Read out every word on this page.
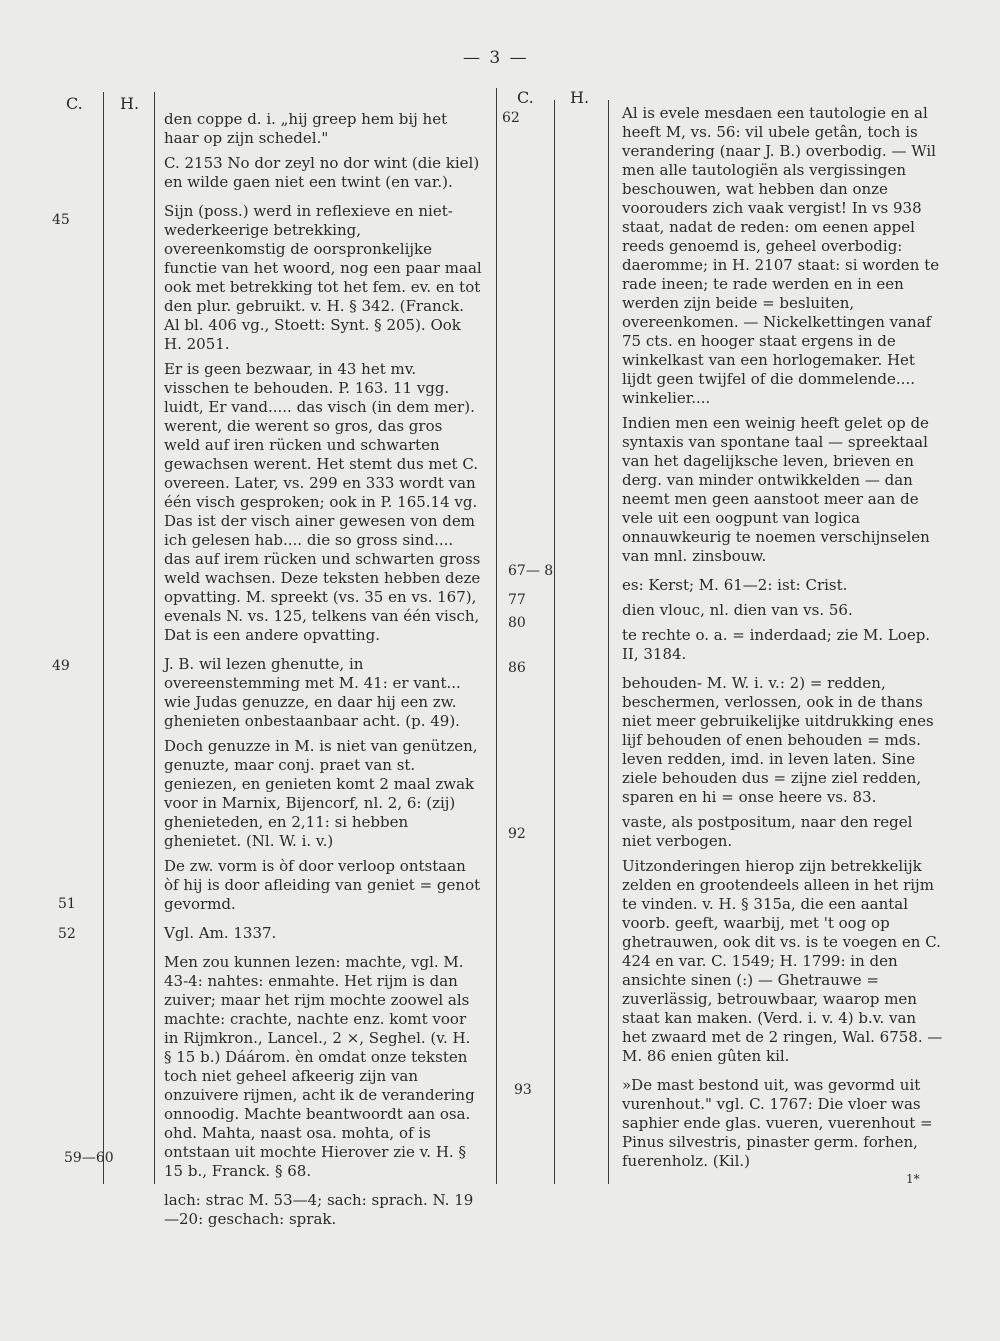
— 3 —
C. H.
45
49
51
52
59—60

den coppe d. i. „hij greep hem bij het haar op zijn schedel."

C. 2153 No dor zeyl no dor wint (die kiel) en wilde gaen niet een twint (en var.).

Sijn (poss.) werd in reflexieve en niet-wederkeerige betrekking, overeenkomstig de oorspronkelijke functie van het woord, nog een paar maal ook met betrekking tot het fem. ev. en tot den plur. gebruikt. v. H. § 342. (Franck. Al bl. 406 vg., Stoett: Synt. § 205). Ook H. 2051.

Er is geen bezwaar, in 43 het mv. visschen te behouden. P. 163. 11 vgg. luidt, Er vand..... das visch (in dem mer). werent, die werent so gros, das gros weld auf iren rücken und schwarten gewachsen werent. Het stemt dus met C. overeen. Later, vs. 299 en 333 wordt van één visch gesproken; ook in P. 165.14 vg. Das ist der visch ainer gewesen von dem ich gelesen hab.... die so gross sind.... das auf irem rücken und schwarten gross weld wachsen. Deze teksten hebben deze opvatting. M. spreekt (vs. 35 en vs. 167), evenals N. vs. 125, telkens van één visch, Dat is een andere opvatting.

J. B. wil lezen ghenutte, in overeenstemming met M. 41: er vant... wie Judas genuzze, en daar hij een zw. ghenieten onbestaanbaar acht. (p. 49).

Doch genuzze in M. is niet van genützen, genuzte, maar conj. praet van st. geniezen, en genieten komt 2 maal zwak voor in Marnix, Bijencorf, nl. 2, 6: (zij) ghenieteden, en 2,11: si hebben ghenietet. (Nl. W. i. v.)

De zw. vorm is òf door verloop ontstaan òf hij is door afleiding van geniet = genot gevormd.

Vgl. Am. 1337.

Men zou kunnen lezen: machte, vgl. M. 43-4: nahtes: enmahte. Het rijm is dan zuiver; maar het rijm mochte zoowel als machte: crachte, nachte enz. komt voor in Rijmkron., Lancel., 2 ×, Seghel. (v. H. § 15 b.) Dáárom. èn omdat onze teksten toch niet geheel afkeerig zijn van onzuivere rijmen, acht ik de verandering onnoodig. Machte beantwoordt aan osa. ohd. Mahta, naast osa. mohta, of is ontstaan uit mochte Hierover zie v. H. § 15 b., Franck. § 68.

lach: strac M. 53—4; sach: sprach. N. 19—20: geschach: sprak.

C. H.
62
67— 8
77
80
86
92
93

Al is evele mesdaen een tautologie en al heeft M, vs. 56: vil ubele getân, toch is verandering (naar J. B.) overbodig. — Wil men alle tautologiën als vergissingen beschouwen, wat hebben dan onze voorouders zich vaak vergist! In vs 938 staat, nadat de reden: om eenen appel reeds genoemd is, geheel overbodig: daeromme; in H. 2107 staat: si worden te rade ineen; te rade werden en in een werden zijn beide = besluiten, overeenkomen. — Nickelkettingen vanaf 75 cts. en hooger staat ergens in de winkelkast van een horlogemaker. Het lijdt geen twijfel of die dommelende.... winkelier....

Indien men een weinig heeft gelet op de syntaxis van spontane taal — spreektaal van het dagelijksche leven, brieven en derg. van minder ontwikkelden — dan neemt men geen aanstoot meer aan de vele uit een oogpunt van logica onnauwkeurig te noemen verschijnselen van mnl. zinsbouw.

es: Kerst; M. 61—2: ist: Crist.

dien vlouc, nl. dien van vs. 56.

te rechte o. a. = inderdaad; zie M. Loep. II, 3184.

behouden- M. W. i. v.: 2) = redden, beschermen, verlossen, ook in de thans niet meer gebruikelijke uitdrukking enes lijf behouden of enen behouden = mds. leven redden, imd. in leven laten. Sine ziele behouden dus = zijne ziel redden, sparen en hi = onse heere vs. 83.

vaste, als postpositum, naar den regel niet verbogen.

Uitzonderingen hierop zijn betrekkelijk zelden en grootendeels alleen in het rijm te vinden. v. H. § 315a, die een aantal voorb. geeft, waarbij, met 't oog op ghetrauwen, ook dit vs. is te voegen en C. 424 en var. C. 1549; H. 1799: in den ansichte sinen (:) — Ghetrauwe = zuverlässig, betrouwbaar, waarop men staat kan maken. (Verd. i. v. 4) b.v. van het zwaard met de 2 ringen, Wal. 6758. — M. 86 enien gûten kil.

»De mast bestond uit, was gevormd uit vurenhout." vgl. C. 1767: Die vloer was saphier ende glas. vueren, vuerenhout = Pinus silvestris, pinaster germ. forhen, fuerenholz. (Kil.)

1*
